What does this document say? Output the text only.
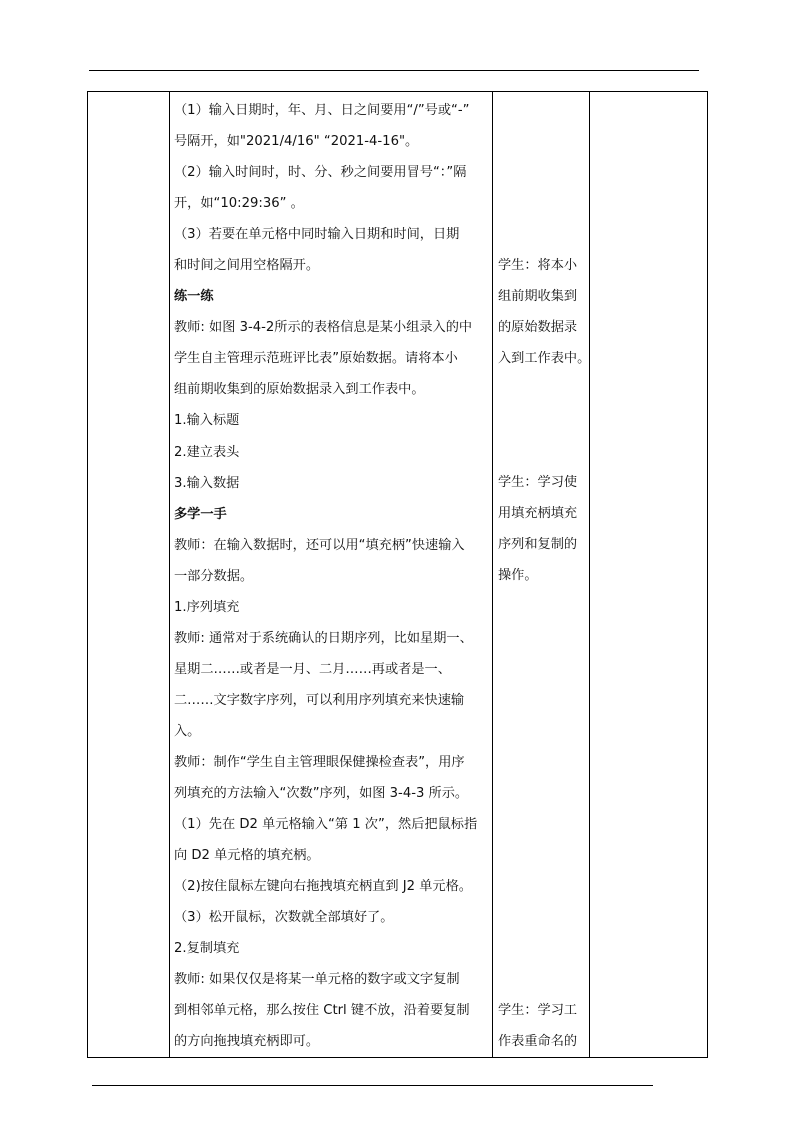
（1）输入日期时，年、月、日之间要用“/”号或“-”
号隔开，如"2021/4/16" “2021-4-16"。
（2）输入时间时，时、分、秒之间要用冒号“：”隔
开，如“10:29:36” 。
（3）若要在单元格中同时输入日期和时间，日期
和时间之间用空格隔开。
练一练
教师: 如图 3-4-2所示的表格信息是某小组录入的中
学生自主管理示范班评比表”原始数据。请将本小
组前期收集到的原始数据录入到工作表中。
1.输入标题
2.建立表头
3.输入数据
多学一手
教师：在输入数据时，还可以用“填充柄”快速输入
一部分数据。
1.序列填充
教师: 通常对于系统确认的日期序列，比如星期一、
星期二……或者是一月、二月……再或者是一、
二……文字数字序列，可以利用序列填充来快速输
入。
教师：制作“学生自主管理眼保健操检查表”，用序
列填充的方法输入“次数”序列，如图 3-4-3 所示。
（1）先在 D2 单元格输入“第 1 次”，然后把鼠标指
向 D2 单元格的填充柄。
（2)按住鼠标左键向右拖拽填充柄直到 J2 单元格。
（3）松开鼠标，次数就全部填好了。
2.复制填充
教师: 如果仅仅是将某一单元格的数字或文字复制
到相邻单元格，那么按住 Ctrl 键不放，沿着要复制
的方向拖拽填充柄即可。

学生：将本小
组前期收集到
的原始数据录
入到工作表中。
学生：学习使
用填充柄填充
序列和复制的
操作。
学生：学习工
作表重命名的
